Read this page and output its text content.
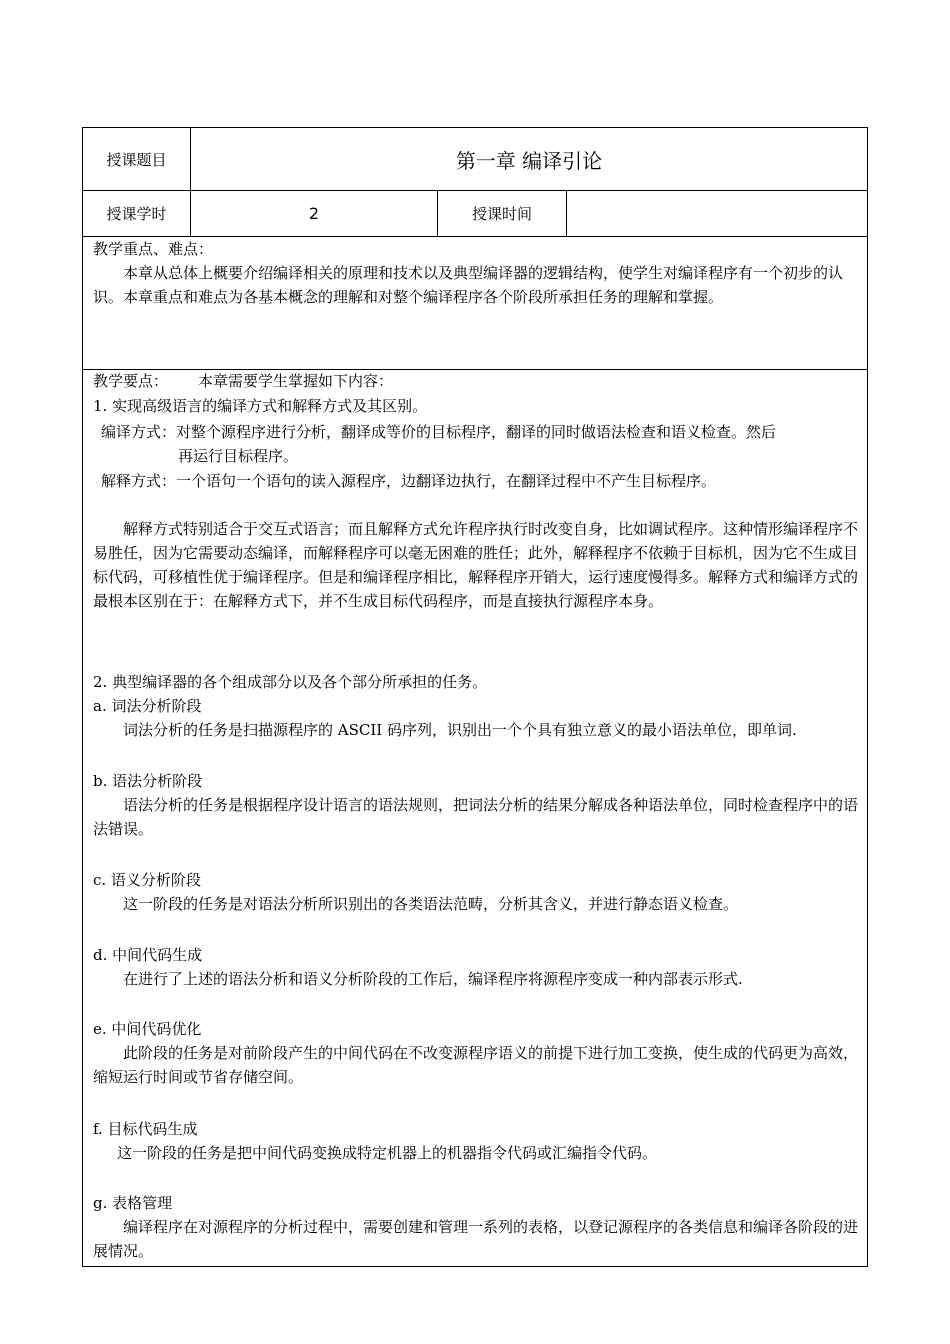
授课题目	第一章 编译引论
授课学时	2	授课时间
教学重点、难点：
本章从总体上概要介绍编译相关的原理和技术以及典型编译器的逻辑结构，使学生对编译程序有一个初步的认识。本章重点和难点为各基本概念的理解和对整个编译程序各个阶段所承担任务的理解和掌握。
教学要点： 本章需要学生掌握如下内容：
1. 实现高级语言的编译方式和解释方式及其区别。
编译方式：对整个源程序进行分析，翻译成等价的目标程序，翻译的同时做语法检查和语义检查。然后
再运行目标程序。
解释方式：一个语句一个语句的读入源程序，边翻译边执行，在翻译过程中不产生目标程序。
解释方式特别适合于交互式语言；而且解释方式允许程序执行时改变自身，比如调试程序。这种情形编译程序不易胜任，因为它需要动态编译，而解释程序可以毫无困难的胜任；此外，解释程序不依赖于目标机，因为它不生成目标代码，可移植性优于编译程序。但是和编译程序相比，解释程序开销大，运行速度慢得多。解释方式和编译方式的最根本区别在于：在解释方式下，并不生成目标代码程序，而是直接执行源程序本身。
2. 典型编译器的各个组成部分以及各个部分所承担的任务。
a. 词法分析阶段
词法分析的任务是扫描源程序的 ASCII 码序列，识别出一个个具有独立意义的最小语法单位，即单词.
b. 语法分析阶段
语法分析的任务是根据程序设计语言的语法规则，把词法分析的结果分解成各种语法单位，同时检查程序中的语法错误。
c. 语义分析阶段
这一阶段的任务是对语法分析所识别出的各类语法范畴，分析其含义，并进行静态语义检查。
d. 中间代码生成
在进行了上述的语法分析和语义分析阶段的工作后，编译程序将源程序变成一种内部表示形式.
e. 中间代码优化
此阶段的任务是对前阶段产生的中间代码在不改变源程序语义的前提下进行加工变换，使生成的代码更为高效，缩短运行时间或节省存储空间。
f. 目标代码生成
这一阶段的任务是把中间代码变换成特定机器上的机器指令代码或汇编指令代码。
g. 表格管理
编译程序在对源程序的分析过程中，需要创建和管理一系列的表格，以登记源程序的各类信息和编译各阶段的进展情况。
